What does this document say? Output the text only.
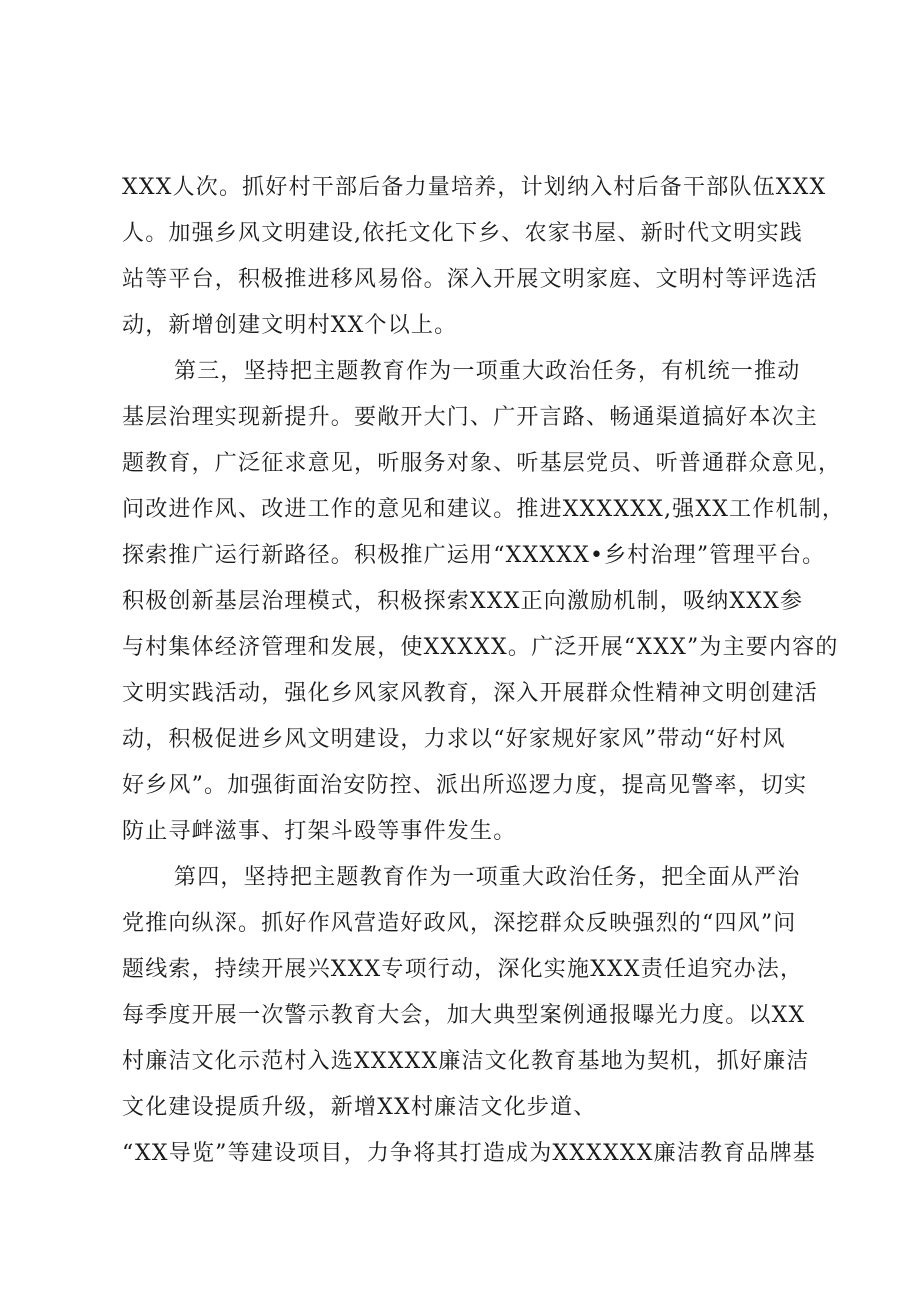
XXX人次。抓好村干部后备力量培养，计划纳入村后备干部队伍XXX
人。加强乡风文明建设,依托文化下乡、农家书屋、新时代文明实践
站等平台，积极推进移风易俗。深入开展文明家庭、文明村等评选活
动，新增创建文明村XX个以上。
第三，坚持把主题教育作为一项重大政治任务，有机统一推动
基层治理实现新提升。要敞开大门、广开言路、畅通渠道搞好本次主
题教育，广泛征求意见，听服务对象、听基层党员、听普通群众意见，
问改进作风、改进工作的意见和建议。推进XXXXXX,强XX工作机制，
探索推广运行新路径。积极推广运用“XXXXX•乡村治理”管理平台。
积极创新基层治理模式，积极探索XXX正向激励机制，吸纳XXX参
与村集体经济管理和发展，使XXXXX。广泛开展“XXX”为主要内容的
文明实践活动，强化乡风家风教育，深入开展群众性精神文明创建活
动，积极促进乡风文明建设，力求以“好家规好家风”带动“好村风
好乡风”。加强街面治安防控、派出所巡逻力度，提高见警率，切实
防止寻衅滋事、打架斗殴等事件发生。
第四，坚持把主题教育作为一项重大政治任务，把全面从严治
党推向纵深。抓好作风营造好政风，深挖群众反映强烈的“四风”问
题线索，持续开展兴XXX专项行动，深化实施XXX责任追究办法，
每季度开展一次警示教育大会，加大典型案例通报曝光力度。以XX
村廉洁文化示范村入选XXXXX廉洁文化教育基地为契机，抓好廉洁
文化建设提质升级，新增XX村廉洁文化步道、
“XX导览”等建设项目，力争将其打造成为XXXXXX廉洁教育品牌基
